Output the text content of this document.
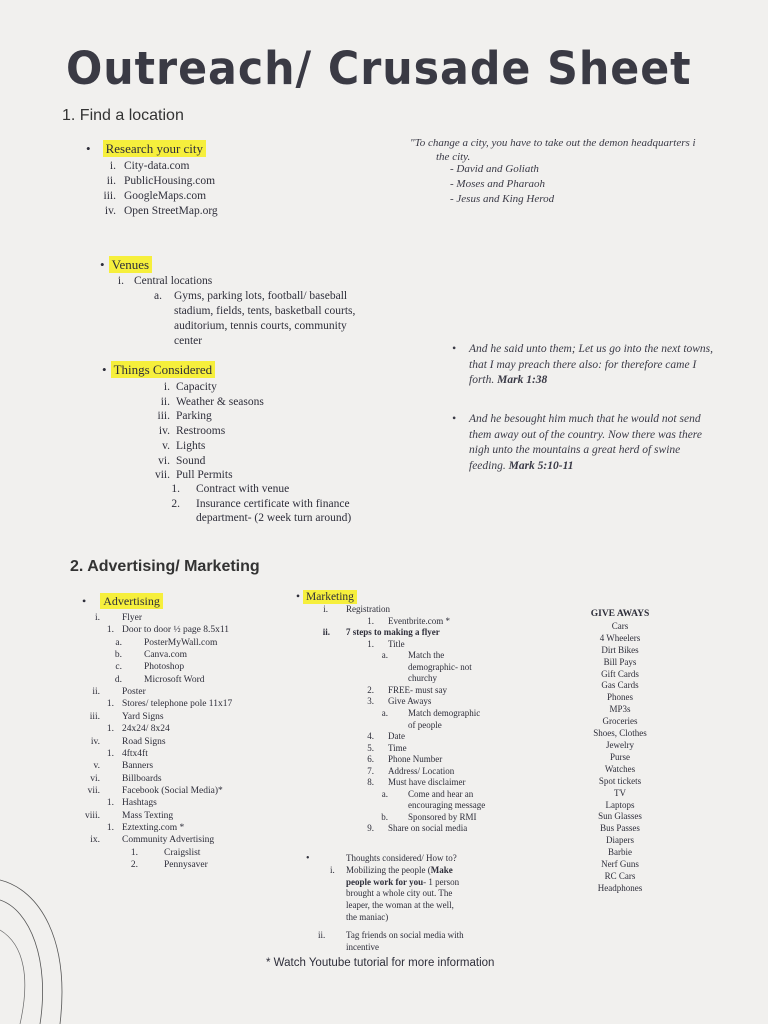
Outreach/ Crusade Sheet
1. Find a location
• Research your city	"To change a city, you have to take out the demon headquarters i
the city.
• Venues
i. Central locations
a.
• Things Considered
• And he said unto them; Let us go into the next towns,
that I may preach there also: for therefore came I
forth. Mark 1:38
• And he besought him much that he would not send
them away out of the country. Now there was there
nigh unto the mountains a great herd of swine
feeding. Mark 5:10-11
2. Advertising/ Marketing
• Advertising	• Marketing
•	Thoughts considered/ How to?
i. Mobilizing the people (Make
people work for you- 1 person
brought a whole city out. The
leaper, the woman at the well,
the maniac)
ii. Tag friends on social media with
incentive
GIVE AWAYS
Cars
4 Wheelers
Dirt Bikes
Bill Pays
Gift Cards
Gas Cards
Phones
MP3s
Groceries
Shoes, Clothes
Jewelry
Purse
Watches
Spot tickets
TV
Laptops
Sun Glasses
Bus Passes
Diapers
Barbie
Nerf Guns
RC Cars
Headphones
* Watch Youtube tutorial for more information
i. City-data.com
ii. PublicHousing.com
iii. GoogleMaps.com
iv. Open StreetMap.org
- David and Goliath
- Moses and Pharaoh
- Jesus and King Herod
Gyms, parking lots, football/ baseball
stadium, fields, tents, basketball courts,
auditorium, tennis courts, community
center
i. Capacity
ii. Weather & seasons
iii. Parking
iv. Restrooms
v. Lights
vi. Sound
vii. Pull Permits
1. Contract with venue
2. Insurance certificate with finance
department- (2 week turn around)
i. Flyer
1. Door to door ½ page 8.5x11
a. PosterMyWall.com
b. Canva.com
c. Photoshop
d. Microsoft Word
ii. Poster
1. Stores/ telephone pole 11x17
iii. Yard Signs
1. 24x24/ 8x24
iv. Road Signs
1. 4ftx4ft
v. Banners
vi. Billboards
vii. Facebook (Social Media)*
1. Hashtags
viii. Mass Texting
1. Eztexting.com *
ix. Community Advertising
1.	Craigslist
2.	Pennysaver
i. Registration
1. Eventbrite.com *
ii. 7 steps to making a flyer
1. Title
a. Match the
demographic- not
churchy
2. FREE- must say
3. Give Aways
a. Match demographic
of people
4. Date
5. Time
6. Phone Number
7. Address/ Location
8. Must have disclaimer
a. Come and hear an
encouraging message
b. Sponsored by RMI
9. Share on social media
